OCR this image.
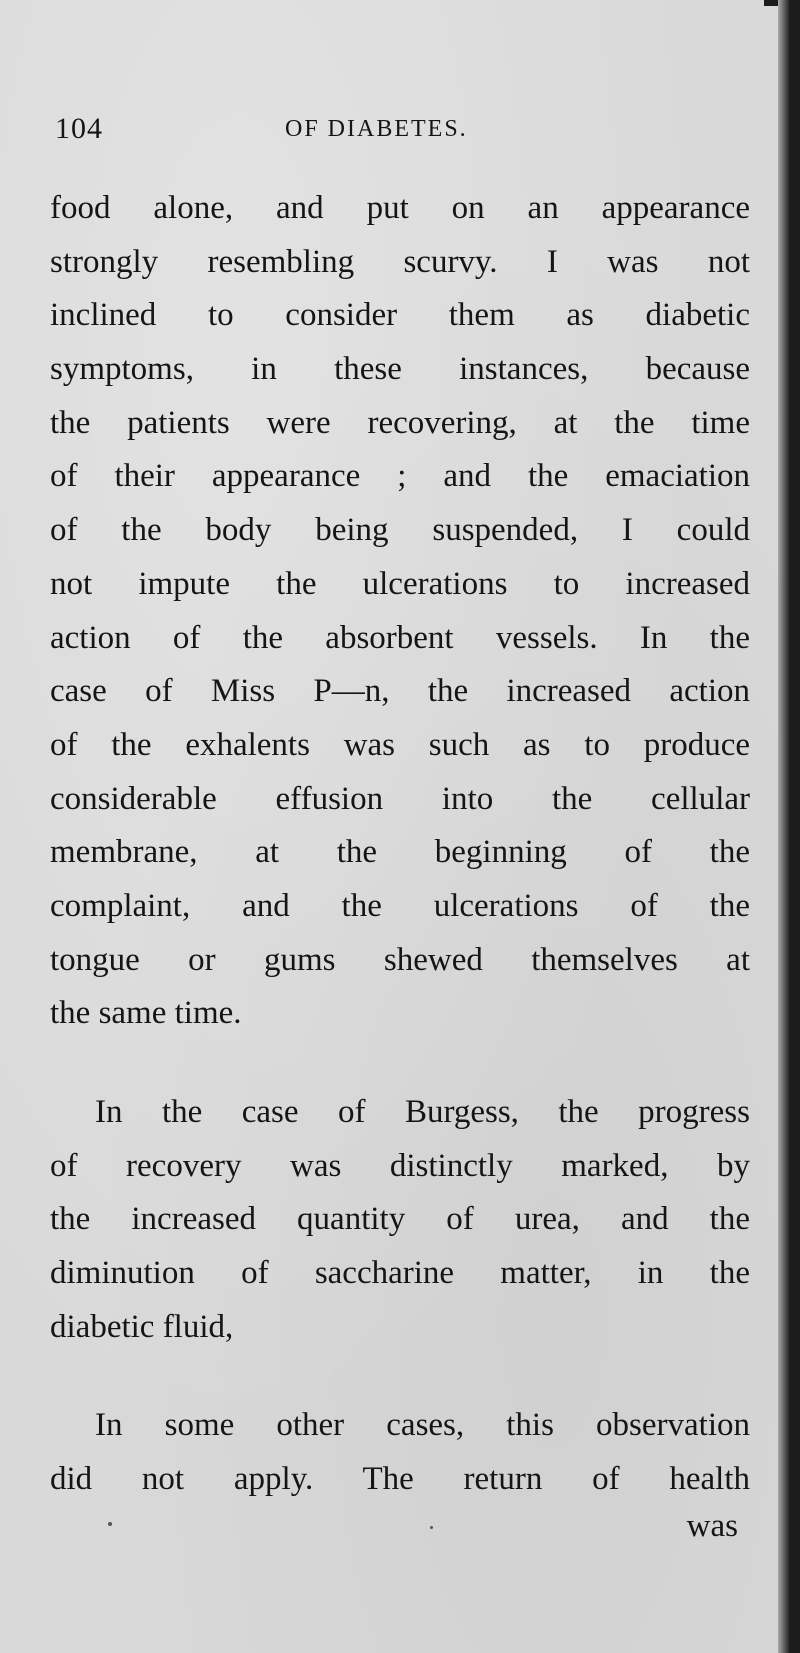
104	OF DIABETES.
food alone, and put on an appearance
strongly resembling scurvy. I was not
inclined to consider them as diabetic
symptoms, in these instances, because
the patients were recovering, at the time
of their appearance ; and the emaciation
of the body being suspended, I could
not impute the ulcerations to increased
action of the absorbent vessels. In the
case of Miss P—n, the increased action
of the exhalents was such as to produce
considerable effusion into the cellular
membrane, at the beginning of the
complaint, and the ulcerations of the
tongue or gums shewed themselves at
the same time.
In the case of Burgess, the progress
of recovery was distinctly marked, by
the increased quantity of urea, and the
diminution of saccharine matter, in the
diabetic fluid,
In some other cases, this observation
did not apply. The return of health
was
